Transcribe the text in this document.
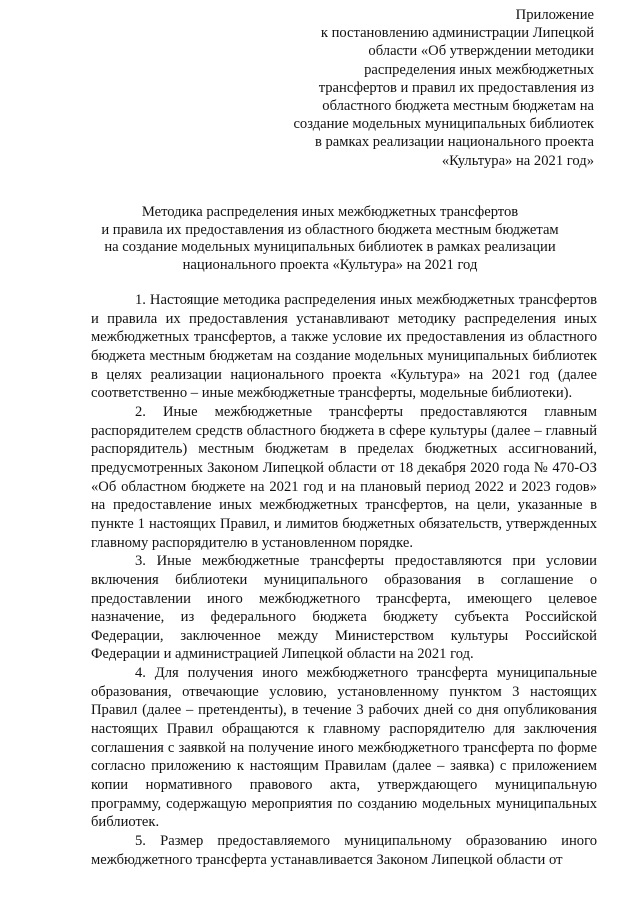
Приложение
к постановлению администрации Липецкой
области «Об утверждении методики
распределения иных межбюджетных
трансфертов и правил их предоставления из
областного бюджета местным бюджетам на
создание модельных муниципальных библиотек
в рамках реализации национального проекта
«Культура» на 2021 год»
Методика распределения иных межбюджетных трансфертов
и правила их предоставления из областного бюджета местным бюджетам
на создание модельных муниципальных библиотек в рамках реализации
национального проекта «Культура» на 2021 год

1. Настоящие методика распределения иных межбюджетных трансфертов и правила их предоставления устанавливают методику распределения иных межбюджетных трансфертов, а также условие их предоставления из областного бюджета местным бюджетам на создание модельных муниципальных библиотек в целях реализации национального проекта «Культура» на 2021 год (далее соответственно – иные межбюджетные трансферты, модельные библиотеки).

2. Иные межбюджетные трансферты предоставляются главным распорядителем средств областного бюджета в сфере культуры (далее – главный распорядитель) местным бюджетам в пределах бюджетных ассигнований, предусмотренных Законом Липецкой области от 18 декабря 2020 года № 470-ОЗ «Об областном бюджете на 2021 год и на плановый период 2022 и 2023 годов» на предоставление иных межбюджетных трансфертов, на цели, указанные в пункте 1 настоящих Правил, и лимитов бюджетных обязательств, утвержденных главному распорядителю в установленном порядке.

3. Иные межбюджетные трансферты предоставляются при условии включения библиотеки муниципального образования в соглашение о предоставлении иного межбюджетного трансферта, имеющего целевое назначение, из федерального бюджета бюджету субъекта Российской Федерации, заключенное между Министерством культуры Российской Федерации и администрацией Липецкой области на 2021 год.

4. Для получения иного межбюджетного трансферта муниципальные образования, отвечающие условию, установленному пунктом 3 настоящих Правил (далее – претенденты), в течение 3 рабочих дней со дня опубликования настоящих Правил обращаются к главному распорядителю для заключения соглашения с заявкой на получение иного межбюджетного трансферта по форме согласно приложению к настоящим Правилам (далее – заявка) с приложением копии нормативного правового акта, утверждающего муниципальную программу, содержащую мероприятия по созданию модельных муниципальных библиотек.

5. Размер предоставляемого муниципальному образованию иного межбюджетного трансферта устанавливается Законом Липецкой области от
